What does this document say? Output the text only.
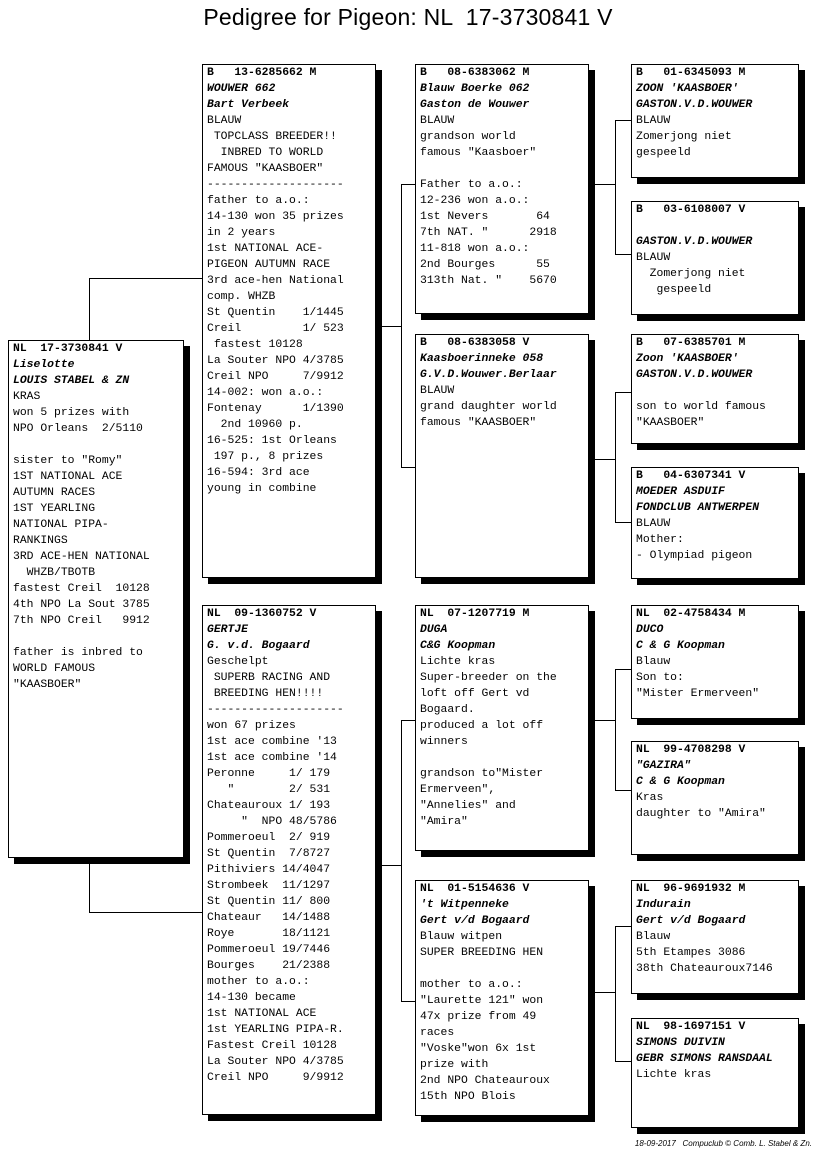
Pedigree for Pigeon: NL  17-3730841 V
NL  17-3730841 V
Liselotte
LOUIS STABEL & ZN
KRAS
won 5 prizes with
NPO Orleans  2/5110

sister to "Romy"
1ST NATIONAL ACE
AUTUMN RACES
1ST YEARLING
NATIONAL PIPA-
RANKINGS
3RD ACE-HEN NATIONAL
WHZB/TBOTB
fastest Creil  10128
4th NPO La Sout 3785
7th NPO Creil   9912

father is inbred to
WORLD FAMOUS
"KAASBOER"
B   13-6285662 M
WOUWER 662
Bart Verbeek
BLAUW
TOPCLASS BREEDER!!
INBRED TO WORLD
FAMOUS "KAASBOER"
--------------------
father to a.o.:
14-130 won 35 prizes
in 2 years
1st NATIONAL ACE-
PIGEON AUTUMN RACE
3rd ace-hen National
comp. WHZB
St Quentin    1/1445
Creil         1/ 523
fastest 10128
La Souter NPO 4/3785
Creil NPO     7/9912
14-002: won a.o.:
Fontenay      1/1390
2nd 10960 p.
16-525: 1st Orleans
197 p., 8 prizes
16-594: 3rd ace
young in combine
NL  09-1360752 V
GERTJE
G. v.d. Bogaard
Geschelpt
SUPERB RACING AND
BREEDING HEN!!!!
--------------------
won 67 prizes
1st ace combine '13
1st ace combine '14
Peronne     1/ 179
"        2/ 531
Chateauroux 1/ 193
"  NPO 48/5786
Pommeroeul  2/ 919
St Quentin  7/8727
Pithiviers 14/4047
Strombeek  11/1297
St Quentin 11/ 800
Chateaur   14/1488
Roye       18/1121
Pommeroeul 19/7446
Bourges    21/2388
mother to a.o.:
14-130 became
1st NATIONAL ACE
1st YEARLING PIPA-R.
Fastest Creil 10128
La Souter NPO 4/3785
Creil NPO     9/9912
B   08-6383062 M
Blauw Boerke 062
Gaston de Wouwer
BLAUW
grandson world
famous "Kaasboer"

Father to a.o.:
12-236 won a.o.:
1st Nevers       64
7th NAT. "      2918
11-818 won a.o.:
2nd Bourges      55
313th Nat. "    5670
B   08-6383058 V
Kaasboerinneke 058
G.V.D.Wouwer.Berlaar
BLAUW
grand daughter world
famous "KAASBOER"
NL  07-1207719 M
DUGA
C&G Koopman
Lichte kras
Super-breeder on the
loft off Gert vd
Bogaard.
produced a lot off
winners

grandson to"Mister
Ermerveen",
"Annelies" and
"Amira"
NL  01-5154636 V
't Witpenneke
Gert v/d Bogaard
Blauw witpen
SUPER BREEDING HEN

mother to a.o.:
"Laurette 121" won
47x prize from 49
races
"Voske"won 6x 1st
prize with
2nd NPO Chateauroux
15th NPO Blois
B   01-6345093 M
ZOON 'KAASBOER'
GASTON.V.D.WOUWER
BLAUW
Zomerjong niet
gespeeld
B   03-6108007 V
GASTON.V.D.WOUWER
BLAUW
Zomerjong niet
gespeeld
B   07-6385701 M
Zoon 'KAASBOER'
GASTON.V.D.WOUWER

son to world famous
"KAASBOER"
B   04-6307341 V
MOEDER ASDUIF
FONDCLUB ANTWERPEN
BLAUW
Mother:
- Olympiad pigeon
NL  02-4758434 M
DUCO
C & G Koopman
Blauw
Son to:
"Mister Ermerveen"
NL  99-4708298 V
"GAZIRA"
C & G Koopman
Kras
daughter to "Amira"
NL  96-9691932 M
Indurain
Gert v/d Bogaard
Blauw
5th Etampes 3086
38th Chateauroux7146
NL  98-1697151 V
SIMONS DUIVIN
GEBR SIMONS RANSDAAL
Lichte kras
18-09-2017   Compuclub © Comb. L. Stabel & Zn.
